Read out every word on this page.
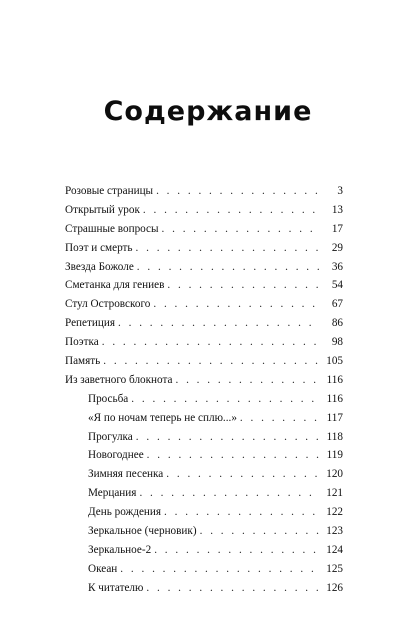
Содержание
Розовые страницы . . .	3
Открытый урок . . .	13
Страшные вопросы . . .	17
Поэт и смерть . . .	29
Звезда Божоле . . .	36
Сметанка для гениев . . .	54
Стул Островского . . .	67
Репетиция . . .	86
Поэтка . . .	98
Память . . .	105
Из заветного блокнота . . .	116
Просьба . . .	116
«Я по ночам теперь не сплю...» . . .	117
Прогулка . . .	118
Новогоднее . . .	119
Зимняя песенка . . .	120
Мерцания . . .	121
День рождения . . .	122
Зеркальное (черновик) . . .	123
Зеркальное-2 . . .	124
Океан . . .	125
К читателю . . .	126
